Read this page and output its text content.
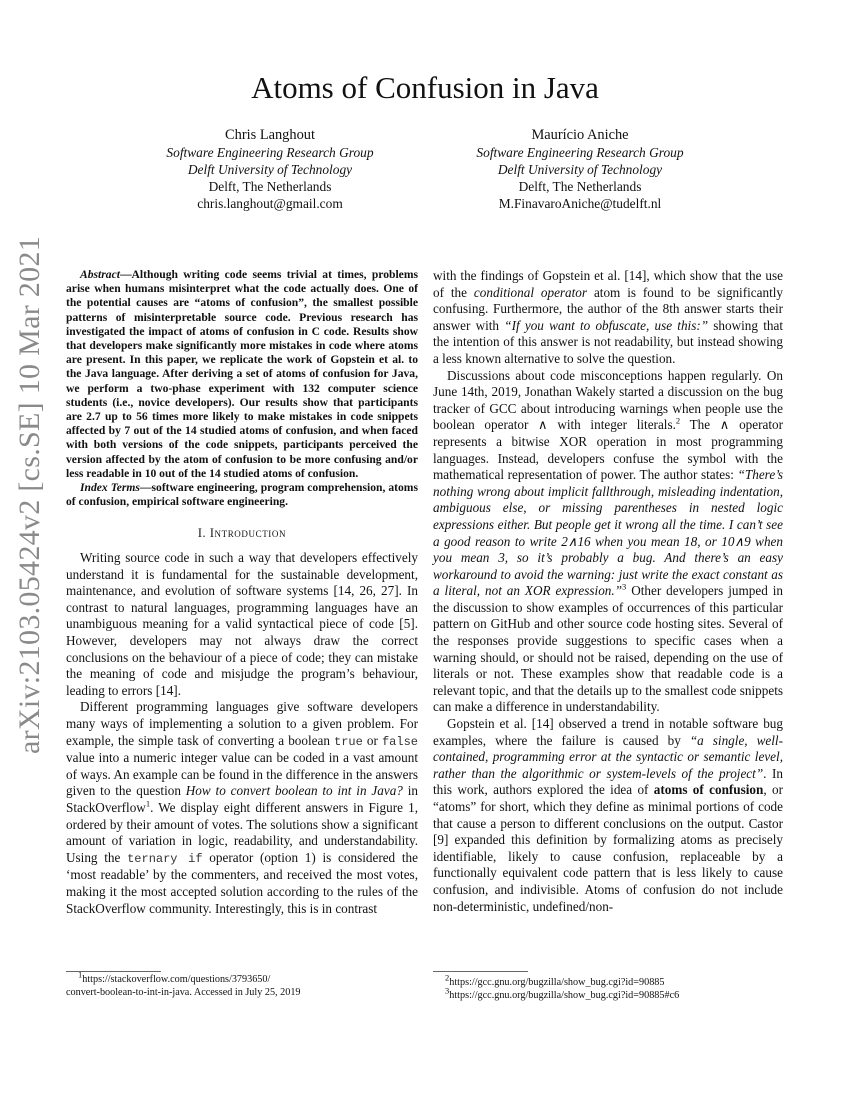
arXiv:2103.05424v2 [cs.SE] 10 Mar 2021
Atoms of Confusion in Java
Chris Langhout
Software Engineering Research Group
Delft University of Technology
Delft, The Netherlands
chris.langhout@gmail.com
Maurício Aniche
Software Engineering Research Group
Delft University of Technology
Delft, The Netherlands
M.FinavaroAniche@tudelft.nl

Abstract—Although writing code seems trivial at times, problems arise when humans misinterpret what the code actually does. One of the potential causes are “atoms of confusion”, the smallest possible patterns of misinterpretable source code. Previous research has investigated the impact of atoms of confusion in C code. Results show that developers make significantly more mistakes in code where atoms are present. In this paper, we replicate the work of Gopstein et al. to the Java language. After deriving a set of atoms of confusion for Java, we perform a two-phase experiment with 132 computer science students (i.e., novice developers). Our results show that participants are 2.7 up to 56 times more likely to make mistakes in code snippets affected by 7 out of the 14 studied atoms of confusion, and when faced with both versions of the code snippets, participants perceived the version affected by the atom of confusion to be more confusing and/or less readable in 10 out of the 14 studied atoms of confusion.

Index Terms—software engineering, program comprehension, atoms of confusion, empirical software engineering.

I. Introduction

Writing source code in such a way that developers effectively understand it is fundamental for the sustainable development, maintenance, and evolution of software systems [14, 26, 27]. In contrast to natural languages, programming languages have an unambiguous meaning for a valid syntactical piece of code [5]. However, developers may not always draw the correct conclusions on the behaviour of a piece of code; they can mistake the meaning of code and misjudge the program’s behaviour, leading to errors [14].

Different programming languages give software developers many ways of implementing a solution to a given problem. For example, the simple task of converting a boolean true or false value into a numeric integer value can be coded in a vast amount of ways. An example can be found in the difference in the answers given to the question How to convert boolean to int in Java? in StackOverflow$^1$. We display eight different answers in Figure 1, ordered by their amount of votes. The solutions show a significant amount of variation in logic, readability, and understandability. Using the ternary if operator (option 1) is considered the ‘most readable’ by the commenters, and received the most votes, making it the most accepted solution according to the rules of the StackOverflow community. Interestingly, this is in contrast

with the findings of Gopstein et al. [14], which show that the use of the conditional operator atom is found to be significantly confusing. Furthermore, the author of the 8th answer starts their answer with “If you want to obfuscate, use this:” showing that the intention of this answer is not readability, but instead showing a less known alternative to solve the question.

Discussions about code misconceptions happen regularly. On June 14th, 2019, Jonathan Wakely started a discussion on the bug tracker of GCC about introducing warnings when people use the boolean operator ∧ with integer literals.$^2$ The ∧ operator represents a bitwise XOR operation in most programming languages. Instead, developers confuse the symbol with the mathematical representation of power. The author states: “There’s nothing wrong about implicit fallthrough, misleading indentation, ambiguous else, or missing parentheses in nested logic expressions either. But people get it wrong all the time. I can’t see a good reason to write 2∧16 when you mean 18, or 10∧9 when you mean 3, so it’s probably a bug. And there’s an easy workaround to avoid the warning: just write the exact constant as a literal, not an XOR expression.”$^3$ Other developers jumped in the discussion to show examples of occurrences of this particular pattern on GitHub and other source code hosting sites. Several of the responses provide suggestions to specific cases when a warning should, or should not be raised, depending on the use of literals or not. These examples show that readable code is a relevant topic, and that the details up to the smallest code snippets can make a difference in understandability.

Gopstein et al. [14] observed a trend in notable software bug examples, where the failure is caused by “a single, well-contained, programming error at the syntactic or semantic level, rather than the algorithmic or system-levels of the project”. In this work, authors explored the idea of atoms of confusion, or “atoms” for short, which they define as minimal portions of code that cause a person to different conclusions on the output. Castor [9] expanded this definition by formalizing atoms as precisely identifiable, likely to cause confusion, replaceable by a functionally equivalent code pattern that is less likely to cause confusion, and indivisible. Atoms of confusion do not include non-deterministic, undefined/non-

$^1$https://stackoverflow.com/questions/3793650/
convert-boolean-to-int-in-java. Accessed in July 25, 2019
$^2$https://gcc.gnu.org/bugzilla/show_bug.cgi?id=90885
$^3$https://gcc.gnu.org/bugzilla/show_bug.cgi?id=90885#c6
